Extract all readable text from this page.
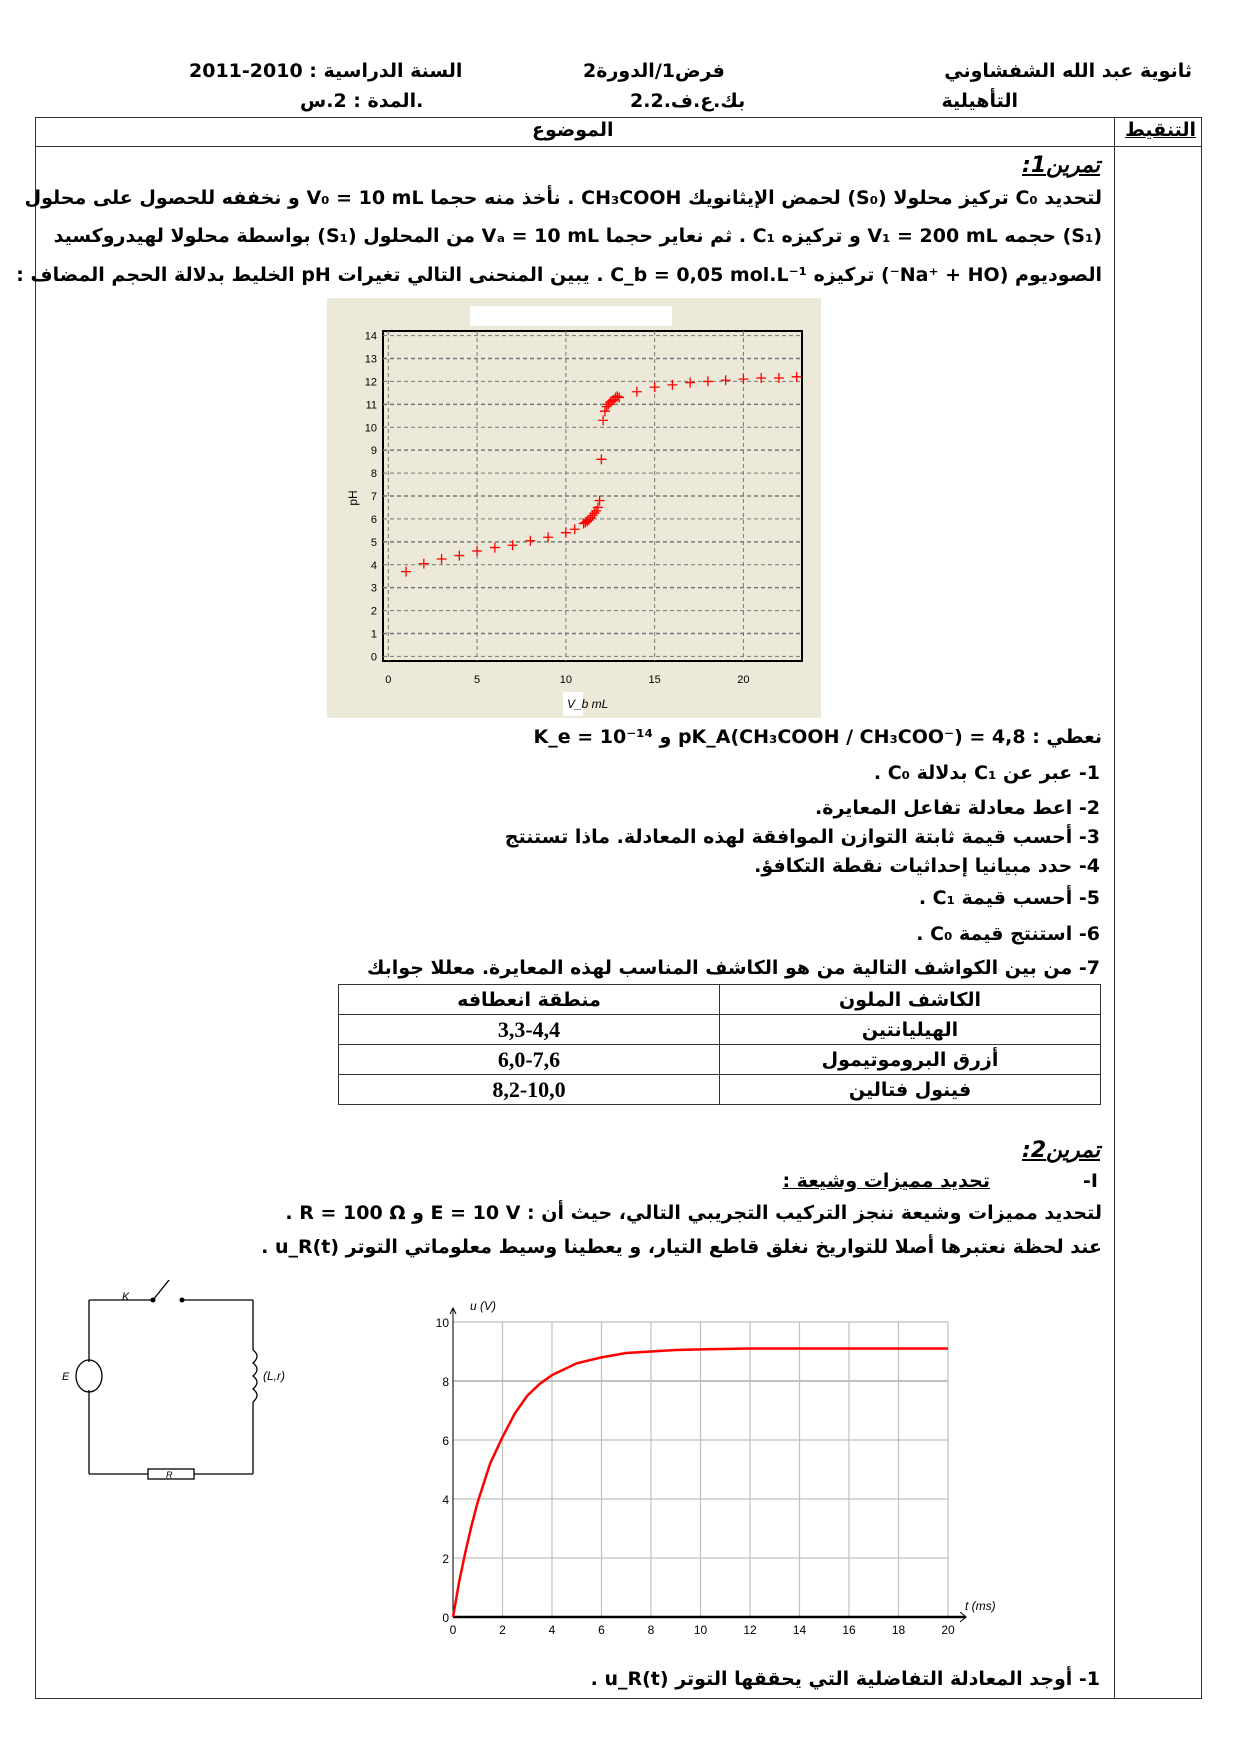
ثانوية عبد الله الشفشاوني
التأهيلية
فرض1/الدورة2
2.بك.ع.ف.2
السنة الدراسية : 2010-2011
المدة : 2.س.
الموضوع	التنقيط
تمرين1:
لتحديد C₀ تركيز محلولا (S₀) لحمض الإيثانويك CH₃COOH . نأخذ منه حجما V₀ = 10 mL و نخففه للحصول على محلول
(S₁) حجمه V₁ = 200 mL و تركيزه C₁ . ثم نعاير حجما Vₐ = 10 mL من المحلول (S₁) بواسطة محلولا لهيدروكسيد
الصوديوم (Na⁺ + HO⁻) تركيزه C_b = 0,05 mol.L⁻¹ . يبين المنحنى التالي تغيرات pH الخليط بدلالة الحجم المضاف :
0
1
2
3
4
5
6
7
8
9
10
11
12
13
14
0	5	10	15	20
pH
V_b mL
نعطي : pK_A(CH₃COOH / CH₃COO⁻) = 4,8 و K_e = 10⁻¹⁴
1- عبر عن C₁ بدلالة C₀ .
2- اعط معادلة تفاعل المعايرة.
3- أحسب قيمة ثابتة التوازن الموافقة لهذه المعادلة. ماذا تستنتج
4- حدد مبيانيا إحداثيات نقطة التكافؤ.
5- أحسب قيمة C₁ .
6- استنتج قيمة C₀ .
7- من بين الكواشف التالية من هو الكاشف المناسب لهذه المعايرة. معللا جوابك
الكاشف الملون	منطقة انعطافه
الهيليانتين	3,3-4,4
أزرق البروموتيمول	6,0-7,6
فينول فتالين	8,2-10,0
تمرين2:
I-
تحديد مميزات وشيعة :
لتحديد مميزات وشيعة ننجز التركيب التجريبي التالي، حيث أن : E = 10 V و R = 100 Ω .
عند لحظة نعتبرها أصلا للتواريخ نغلق قاطع التيار، و يعطينا وسيط معلوماتي التوتر u_R(t) .
K
E	(L,r)
R
0	2	4	6	8	10	12	14	16	18	20
0
2
4
6
8
10
u (V)
t (ms)
1- أوجد المعادلة التفاضلية التي يحققها التوتر u_R(t) .
